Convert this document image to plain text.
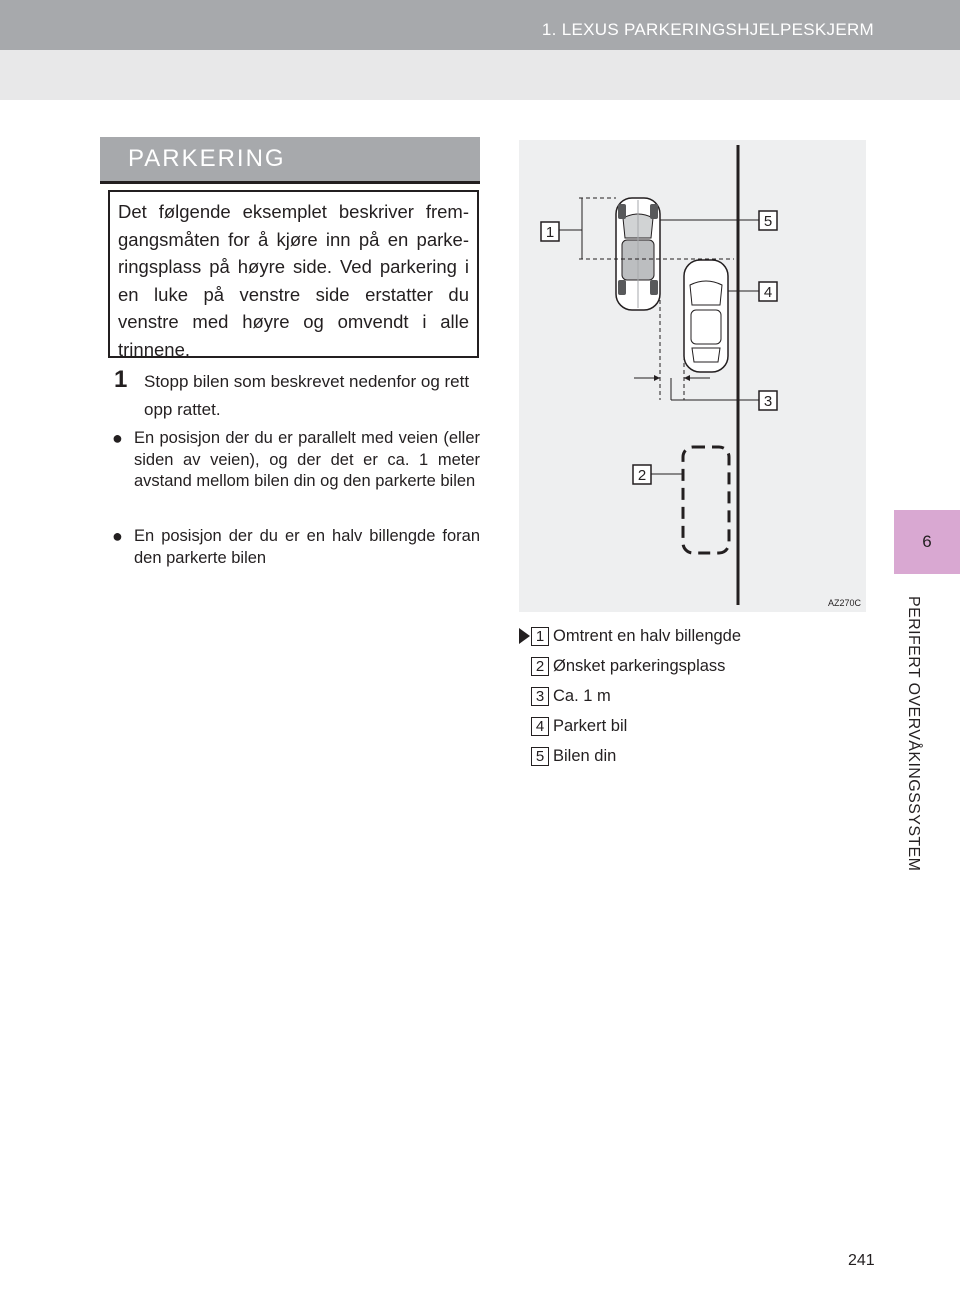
1. LEXUS PARKERINGSHJELPESKJERM
6
PERIFERT OVERVÅKINGSSYSTEM
PARKERING

Det følgende eksemplet beskriver frem-gangsmåten for å kjøre inn på en parke-ringsplass på høyre side. Ved parkering i en luke på venstre side erstatter du venstre med høyre og omvendt i alle trinnene.

1 Stopp bilen som beskrevet nedenfor og rett opp rattet.
● En posisjon der du er parallelt med veien (eller siden av veien), og der det er ca. 1 meter avstand mellom bilen din og den parkerte bilen
● En posisjon der du er en halv billengde foran den parkerte bilen
1
2
3
4
5
AZ270C
1 Omtrent en halv billengde
2 Ønsket parkeringsplass
3 Ca. 1 m
4 Parkert bil
5 Bilen din
241
